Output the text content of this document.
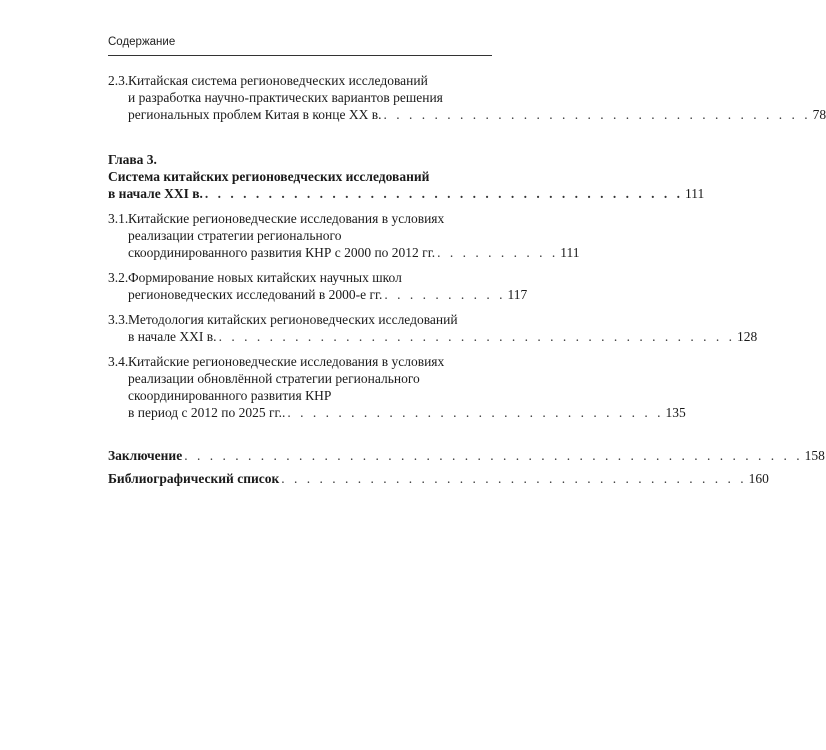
Содержание
2.3. Китайская система регионоведческих исследований
и разработка научно-практических вариантов решения
региональных проблем Китая в конце XX в. . . . . . . . . . . . . . . . . . . . . . . . . . . . . . . . . . . 78
Глава 3.
Система китайских регионоведческих исследований
в начале XXI в. . . . . . . . . . . . . . . . . . . . . . . . . . . . . . . . . . . . . . . 111
3.1. Китайские регионоведческие исследования в условиях
реализации стратегии регионального
скоординированного развития КНР с 2000 по 2012 гг. . . . . . . . . . . 111
3.2. Формирование новых китайских научных школ
регионоведческих исследований в 2000-е гг. . . . . . . . . . . 117
3.3. Методология китайских регионоведческих исследований
в начале XXI в. . . . . . . . . . . . . . . . . . . . . . . . . . . . . . . . . . . . . . . . . . 128
3.4. Китайские регионоведческие исследования в условиях
реализации обновлённой стратегии регионального
скоординированного развития КНР
в период с 2012 по 2025 гг.. . . . . . . . . . . . . . . . . . . . . . . . . . . . . . . 135
Заключение . . . . . . . . . . . . . . . . . . . . . . . . . . . . . . . . . . . . . . . . . . . . . . . . . 158
Библиографический список . . . . . . . . . . . . . . . . . . . . . . . . . . . . . . . . . . . . . 160
